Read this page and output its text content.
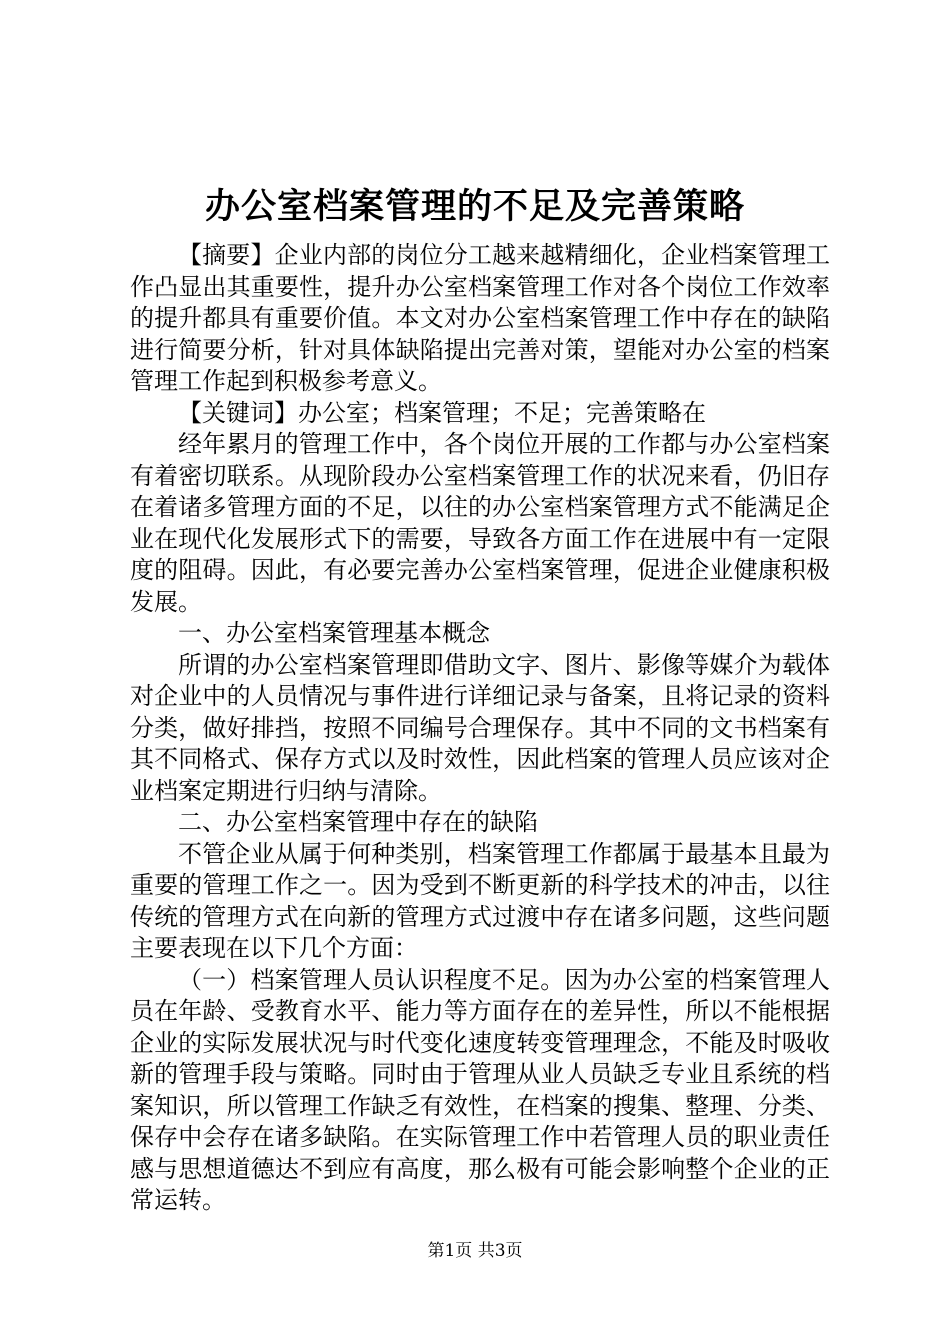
办公室档案管理的不足及完善策略

【摘要】企业内部的岗位分工越来越精细化，企业档案管理工作凸显出其重要性，提升办公室档案管理工作对各个岗位工作效率的提升都具有重要价值。本文对办公室档案管理工作中存在的缺陷进行简要分析，针对具体缺陷提出完善对策，望能对办公室的档案管理工作起到积极参考意义。

【关键词】办公室；档案管理；不足；完善策略在

经年累月的管理工作中，各个岗位开展的工作都与办公室档案有着密切联系。从现阶段办公室档案管理工作的状况来看，仍旧存在着诸多管理方面的不足，以往的办公室档案管理方式不能满足企业在现代化发展形式下的需要，导致各方面工作在进展中有一定限度的阻碍。因此，有必要完善办公室档案管理，促进企业健康积极发展。

一、办公室档案管理基本概念

所谓的办公室档案管理即借助文字、图片、影像等媒介为载体对企业中的人员情况与事件进行详细记录与备案，且将记录的资料分类，做好排挡，按照不同编号合理保存。其中不同的文书档案有其不同格式、保存方式以及时效性，因此档案的管理人员应该对企业档案定期进行归纳与清除。

二、办公室档案管理中存在的缺陷

不管企业从属于何种类别，档案管理工作都属于最基本且最为重要的管理工作之一。因为受到不断更新的科学技术的冲击，以往传统的管理方式在向新的管理方式过渡中存在诸多问题，这些问题主要表现在以下几个方面：

（一）档案管理人员认识程度不足。因为办公室的档案管理人员在年龄、受教育水平、能力等方面存在的差异性，所以不能根据企业的实际发展状况与时代变化速度转变管理理念，不能及时吸收新的管理手段与策略。同时由于管理从业人员缺乏专业且系统的档案知识，所以管理工作缺乏有效性，在档案的搜集、整理、分类、保存中会存在诸多缺陷。在实际管理工作中若管理人员的职业责任感与思想道德达不到应有高度，那么极有可能会影响整个企业的正常运转。

第1页 共3页
